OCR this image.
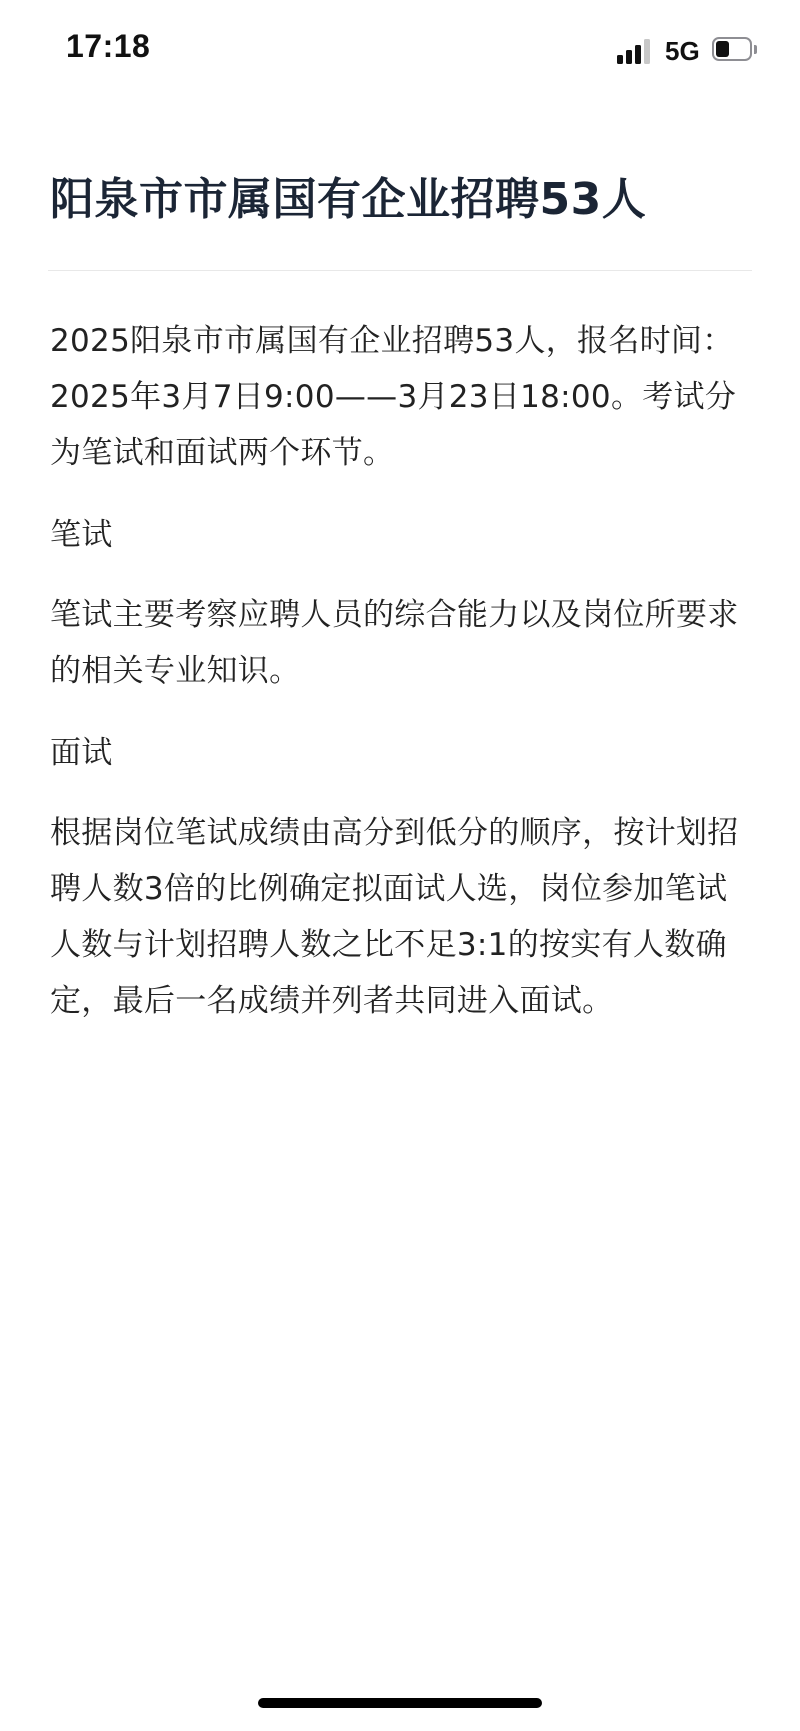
17:18	5G
阳泉市市属国有企业招聘53人

2025阳泉市市属国有企业招聘53人，报名时间：2025年3月7日9:00——3月23日18:00。考试分为笔试和面试两个环节。

笔试

笔试主要考察应聘人员的综合能力以及岗位所要求的相关专业知识。

面试

根据岗位笔试成绩由高分到低分的顺序，按计划招聘人数3倍的比例确定拟面试人选，岗位参加笔试人数与计划招聘人数之比不足3:1的按实有人数确定，最后一名成绩并列者共同进入面试。
